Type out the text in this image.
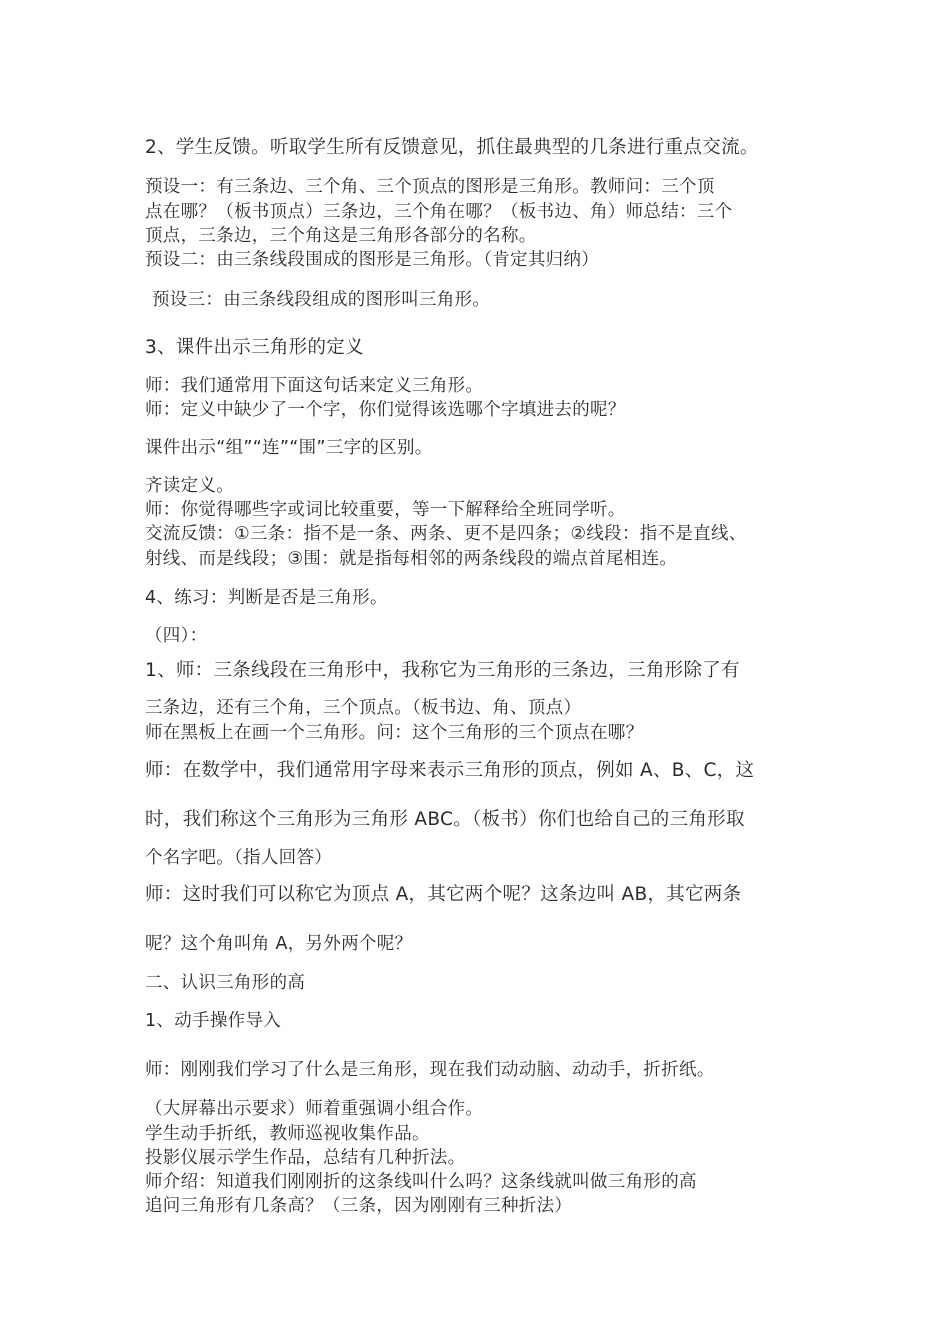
2、学生反馈。听取学生所有反馈意见，抓住最典型的几条进行重点交流。

预设一：有三条边、三个角、三个顶点的图形是三角形。教师问：三个顶

点在哪？（板书顶点）三条边，三个角在哪？（板书边、角）师总结：三个

顶点，三条边，三个角这是三角形各部分的名称。

预设二：由三条线段围成的图形是三角形。（肯定其归纳）

预设三：由三条线段组成的图形叫三角形。

3、课件出示三角形的定义

师：我们通常用下面这句话来定义三角形。

师：定义中缺少了一个字，你们觉得该选哪个字填进去的呢？

课件出示“组”“连”“围”三字的区别。

齐读定义。

师：你觉得哪些字或词比较重要，等一下解释给全班同学听。

交流反馈：①三条：指不是一条、两条、更不是四条；②线段：指不是直线、

射线、而是线段；③围：就是指每相邻的两条线段的端点首尾相连。

4、练习：判断是否是三角形。

（四）：

1、师：三条线段在三角形中，我称它为三角形的三条边，三角形除了有

三条边，还有三个角，三个顶点。（板书边、角、顶点）

师在黑板上在画一个三角形。问：这个三角形的三个顶点在哪？

师：在数学中，我们通常用字母来表示三角形的顶点，例如 A、B、C，这

时，我们称这个三角形为三角形 ABC。（板书）你们也给自己的三角形取

个名字吧。（指人回答）

师：这时我们可以称它为顶点 A，其它两个呢？这条边叫 AB，其它两条

呢？这个角叫角 A，另外两个呢？

二、认识三角形的高

1、动手操作导入

师：刚刚我们学习了什么是三角形，现在我们动动脑、动动手，折折纸。

（大屏幕出示要求）师着重强调小组合作。

学生动手折纸，教师巡视收集作品。

投影仪展示学生作品，总结有几种折法。

师介绍：知道我们刚刚折的这条线叫什么吗？这条线就叫做三角形的高

追问三角形有几条高？（三条，因为刚刚有三种折法）
